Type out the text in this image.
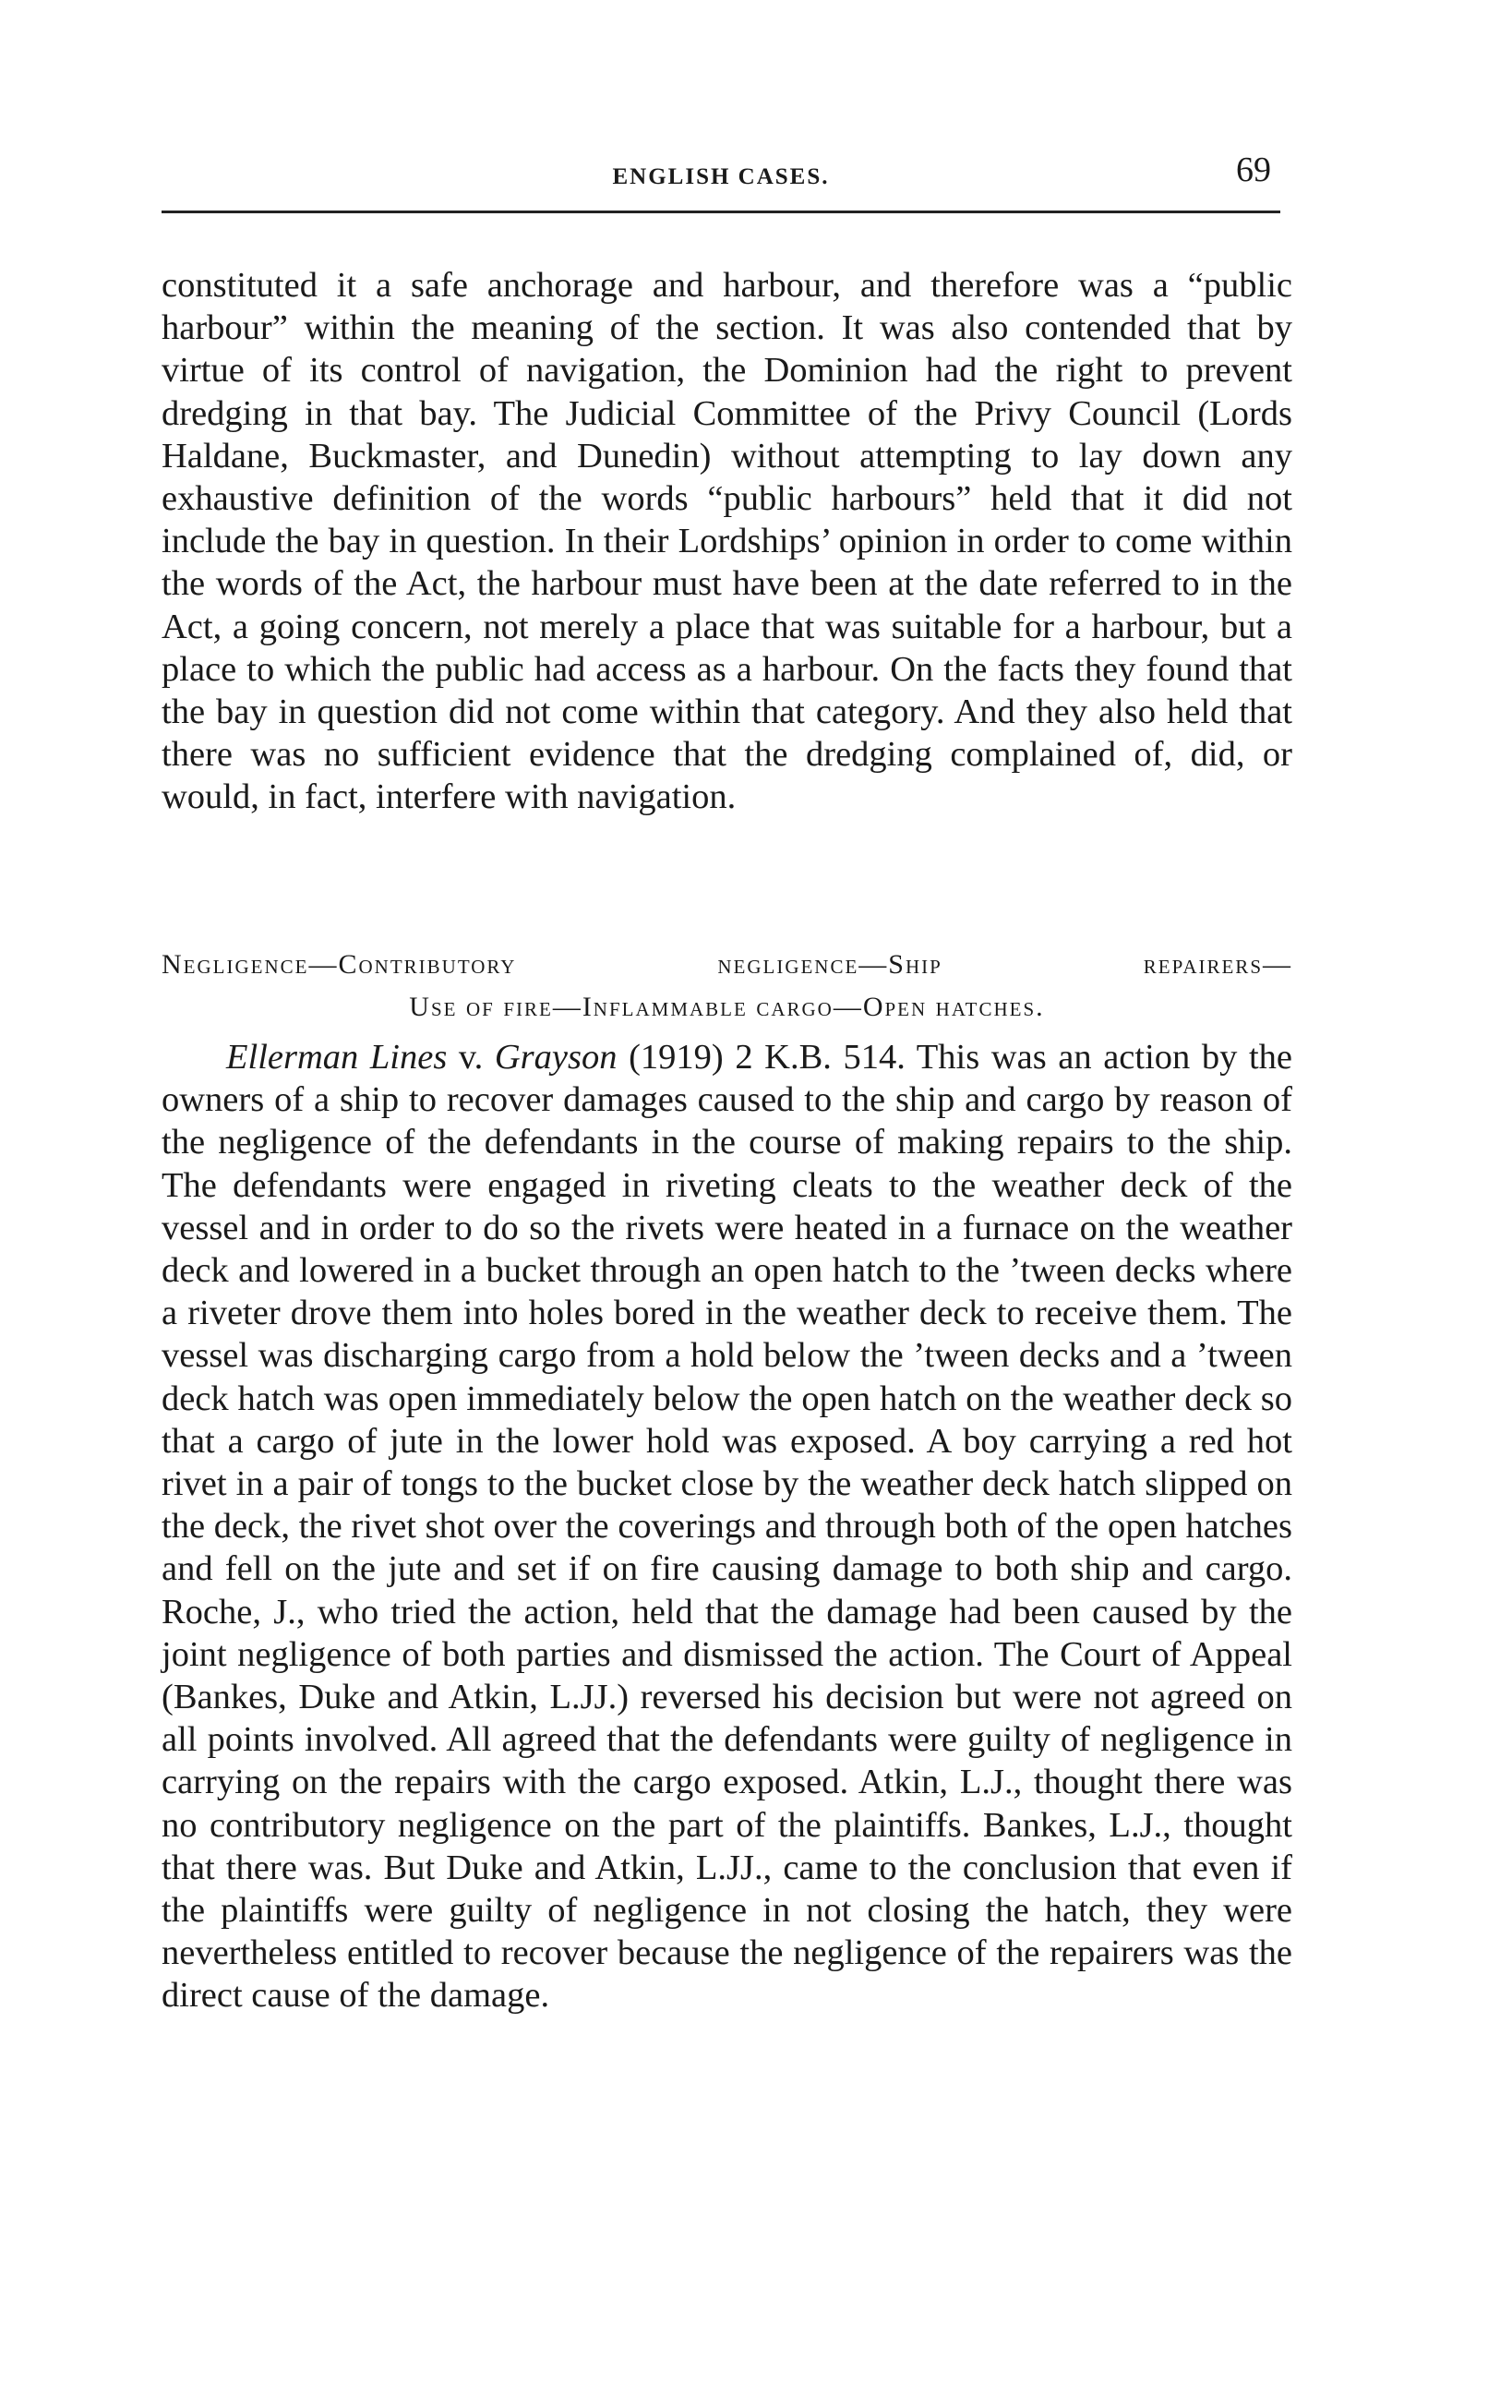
ENGLISH CASES.	69

constituted it a safe anchorage and harbour, and therefore was a “public harbour” within the meaning of the section. It was also contended that by virtue of its control of navigation, the Dominion had the right to prevent dredging in that bay. The Judicial Committee of the Privy Council (Lords Haldane, Buckmaster, and Dunedin) without attempting to lay down any exhaustive definition of the words “public harbours” held that it did not include the bay in question. In their Lordships’ opinion in order to come within the words of the Act, the harbour must have been at the date referred to in the Act, a going concern, not merely a place that was suitable for a harbour, but a place to which the public had access as a harbour. On the facts they found that the bay in question did not come within that category. And they also held that there was no sufficient evidence that the dredging complained of, did, or would, in fact, interfere with navigation.

Negligence—Contributory negligence—Ship repairers—
Use of fire—Inflammable cargo—Open hatches.

Ellerman Lines v. Grayson (1919) 2 K.B. 514. This was an action by the owners of a ship to recover damages caused to the ship and cargo by reason of the negligence of the defendants in the course of making repairs to the ship. The defendants were engaged in riveting cleats to the weather deck of the vessel and in order to do so the rivets were heated in a furnace on the weather deck and lowered in a bucket through an open hatch to the ’tween decks where a riveter drove them into holes bored in the weather deck to receive them. The vessel was discharging cargo from a hold below the ’tween decks and a ’tween deck hatch was open immediately below the open hatch on the weather deck so that a cargo of jute in the lower hold was exposed. A boy carrying a red hot rivet in a pair of tongs to the bucket close by the weather deck hatch slipped on the deck, the rivet shot over the coverings and through both of the open hatches and fell on the jute and set if on fire causing damage to both ship and cargo. Roche, J., who tried the action, held that the damage had been caused by the joint negligence of both parties and dismissed the action. The Court of Appeal (Bankes, Duke and Atkin, L.JJ.) reversed his decision but were not agreed on all points involved. All agreed that the defendants were guilty of negligence in carrying on the repairs with the cargo exposed. Atkin, L.J., thought there was no contributory negligence on the part of the plaintiffs. Bankes, L.J., thought that there was. But Duke and Atkin, L.JJ., came to the conclusion that even if the plaintiffs were guilty of negligence in not closing the hatch, they were nevertheless entitled to recover because the negligence of the repairers was the direct cause of the damage.
